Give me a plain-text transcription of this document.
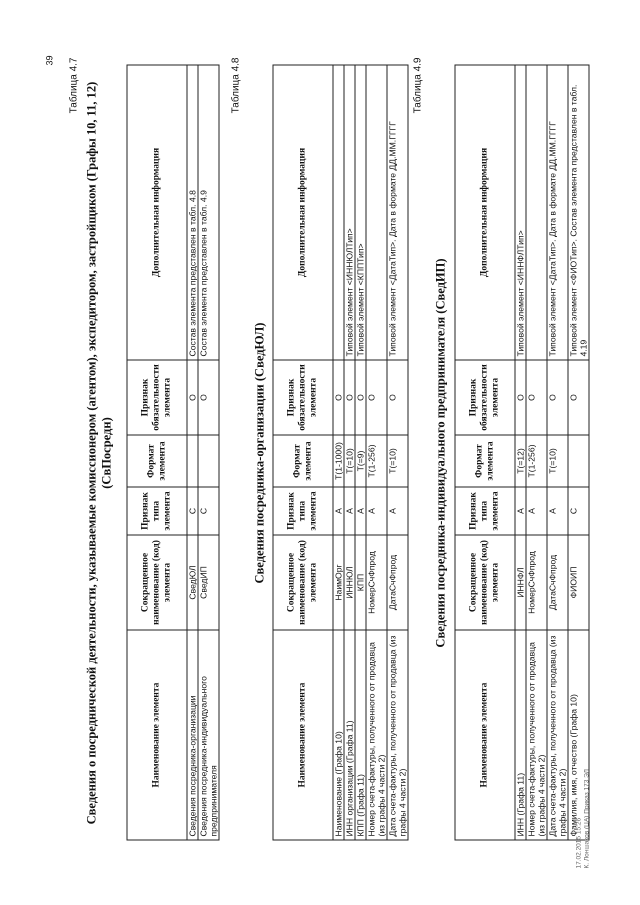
39 Таблица 4.7 Сведения о посреднической деятельности, указываемые комиссионером (агентом), экспедитором, застройщиком (Графы 10, 11, 12) (СвПосредн)
Наименование элемента	Сокращенное наименование (код) элемента	Признак типа элемента	Формат элемента	Признак обязательности элемента	Дополнительная информация
Сведения посредника-организации	СведЮЛ	С		О	Состав элемента представлен в табл. 4.8
Сведения посредника-индивидуального предпринимателя	СведИП	С		О	Состав элемента представлен в табл. 4.9
Таблица 4.8
Сведения посредника-организации (СведЮЛ)
Наименование элемента	Сокращенное наименование (код) элемента	Признак типа элемента	Формат элемента	Признак обязательности элемента	Дополнительная информация
Наименование (Графа 10)	НаимОрг	А	T(1-1000)	О	
ИНН организации (Графа 11)	ИННЮЛ	А	T(=10)	О	Типовой элемент <ИННЮЛТип>
КПП (Графа 11)	КПП	А	T(=9)	О	Типовой элемент <КППТип>
Номер счета-фактуры, полученного от продавца (из графы 4 части 2)	НомерСчФпрод	А	T(1-256)	О	
Дата счета-фактуры, полученного от продавца (из графы 4 части 2)	ДатаСчФпрод	А	T(=10)	О	Типовой элемент <ДатаТип>. Дата в формате ДД.ММ.ГГГГ
Таблица 4.9
Сведения посредника-индивидуального предпринимателя (СведИП)
Наименование элемента	Сокращенное наименование (код) элемента	Признак типа элемента	Формат элемента	Признак обязательности элемента	Дополнительная информация
ИНН (Графа 11)	ИННФЛ	А	T(=12)	О	Типовой элемент <ИННФЛТип>
Номер счета-фактуры, полученного от продавца (из графы 4 части 2)	НомерСчФпрод	А	T(1-256)	О	
Дата счета-фактуры, полученного от продавца (из графы 4 части 2)	ДатаСчФпрод	А	T(=10)	О	Типовой элемент <ДатаТип>. Дата в формате ДД.ММ.ГГГГ
Фамилия, имя, отчество (Графа 10)	ФИОИП	С		О	Типовой элемент <ФИОТип>. Состав элемента представлен в табл. 4.19
17.02.2015 15:26 К. Лоншаков (ЦА) Приказ 173 ЭЛ
